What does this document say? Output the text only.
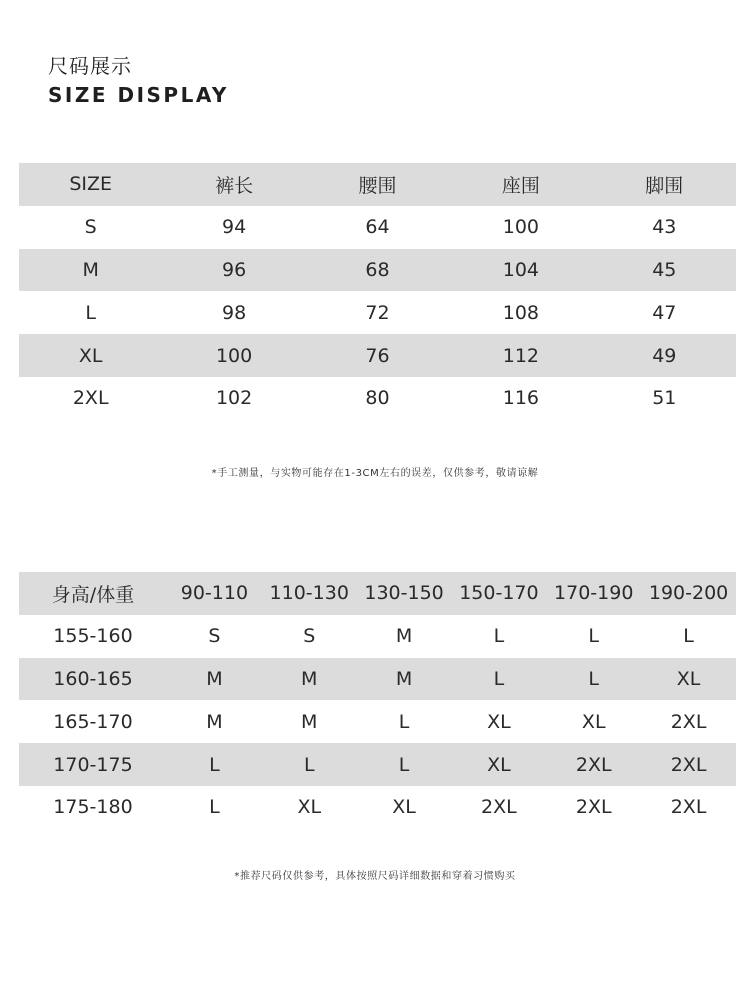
尺码展示
SIZE DISPLAY
SIZE	裤长	腰围	座围	脚围
S	94	64	100	43
M	96	68	104	45
L	98	72	108	47
XL	100	76	112	49
2XL	102	80	116	51

*手工测量，与实物可能存在1-3CM左右的误差，仅供参考，敬请谅解

身高/体重	90-110	110-130	130-150	150-170	170-190	190-200
155-160	S	S	M	L	L	L
160-165	M	M	M	L	L	XL
165-170	M	M	L	XL	XL	2XL
170-175	L	L	L	XL	2XL	2XL
175-180	L	XL	XL	2XL	2XL	2XL

*推荐尺码仅供参考，具体按照尺码详细数据和穿着习惯购买
